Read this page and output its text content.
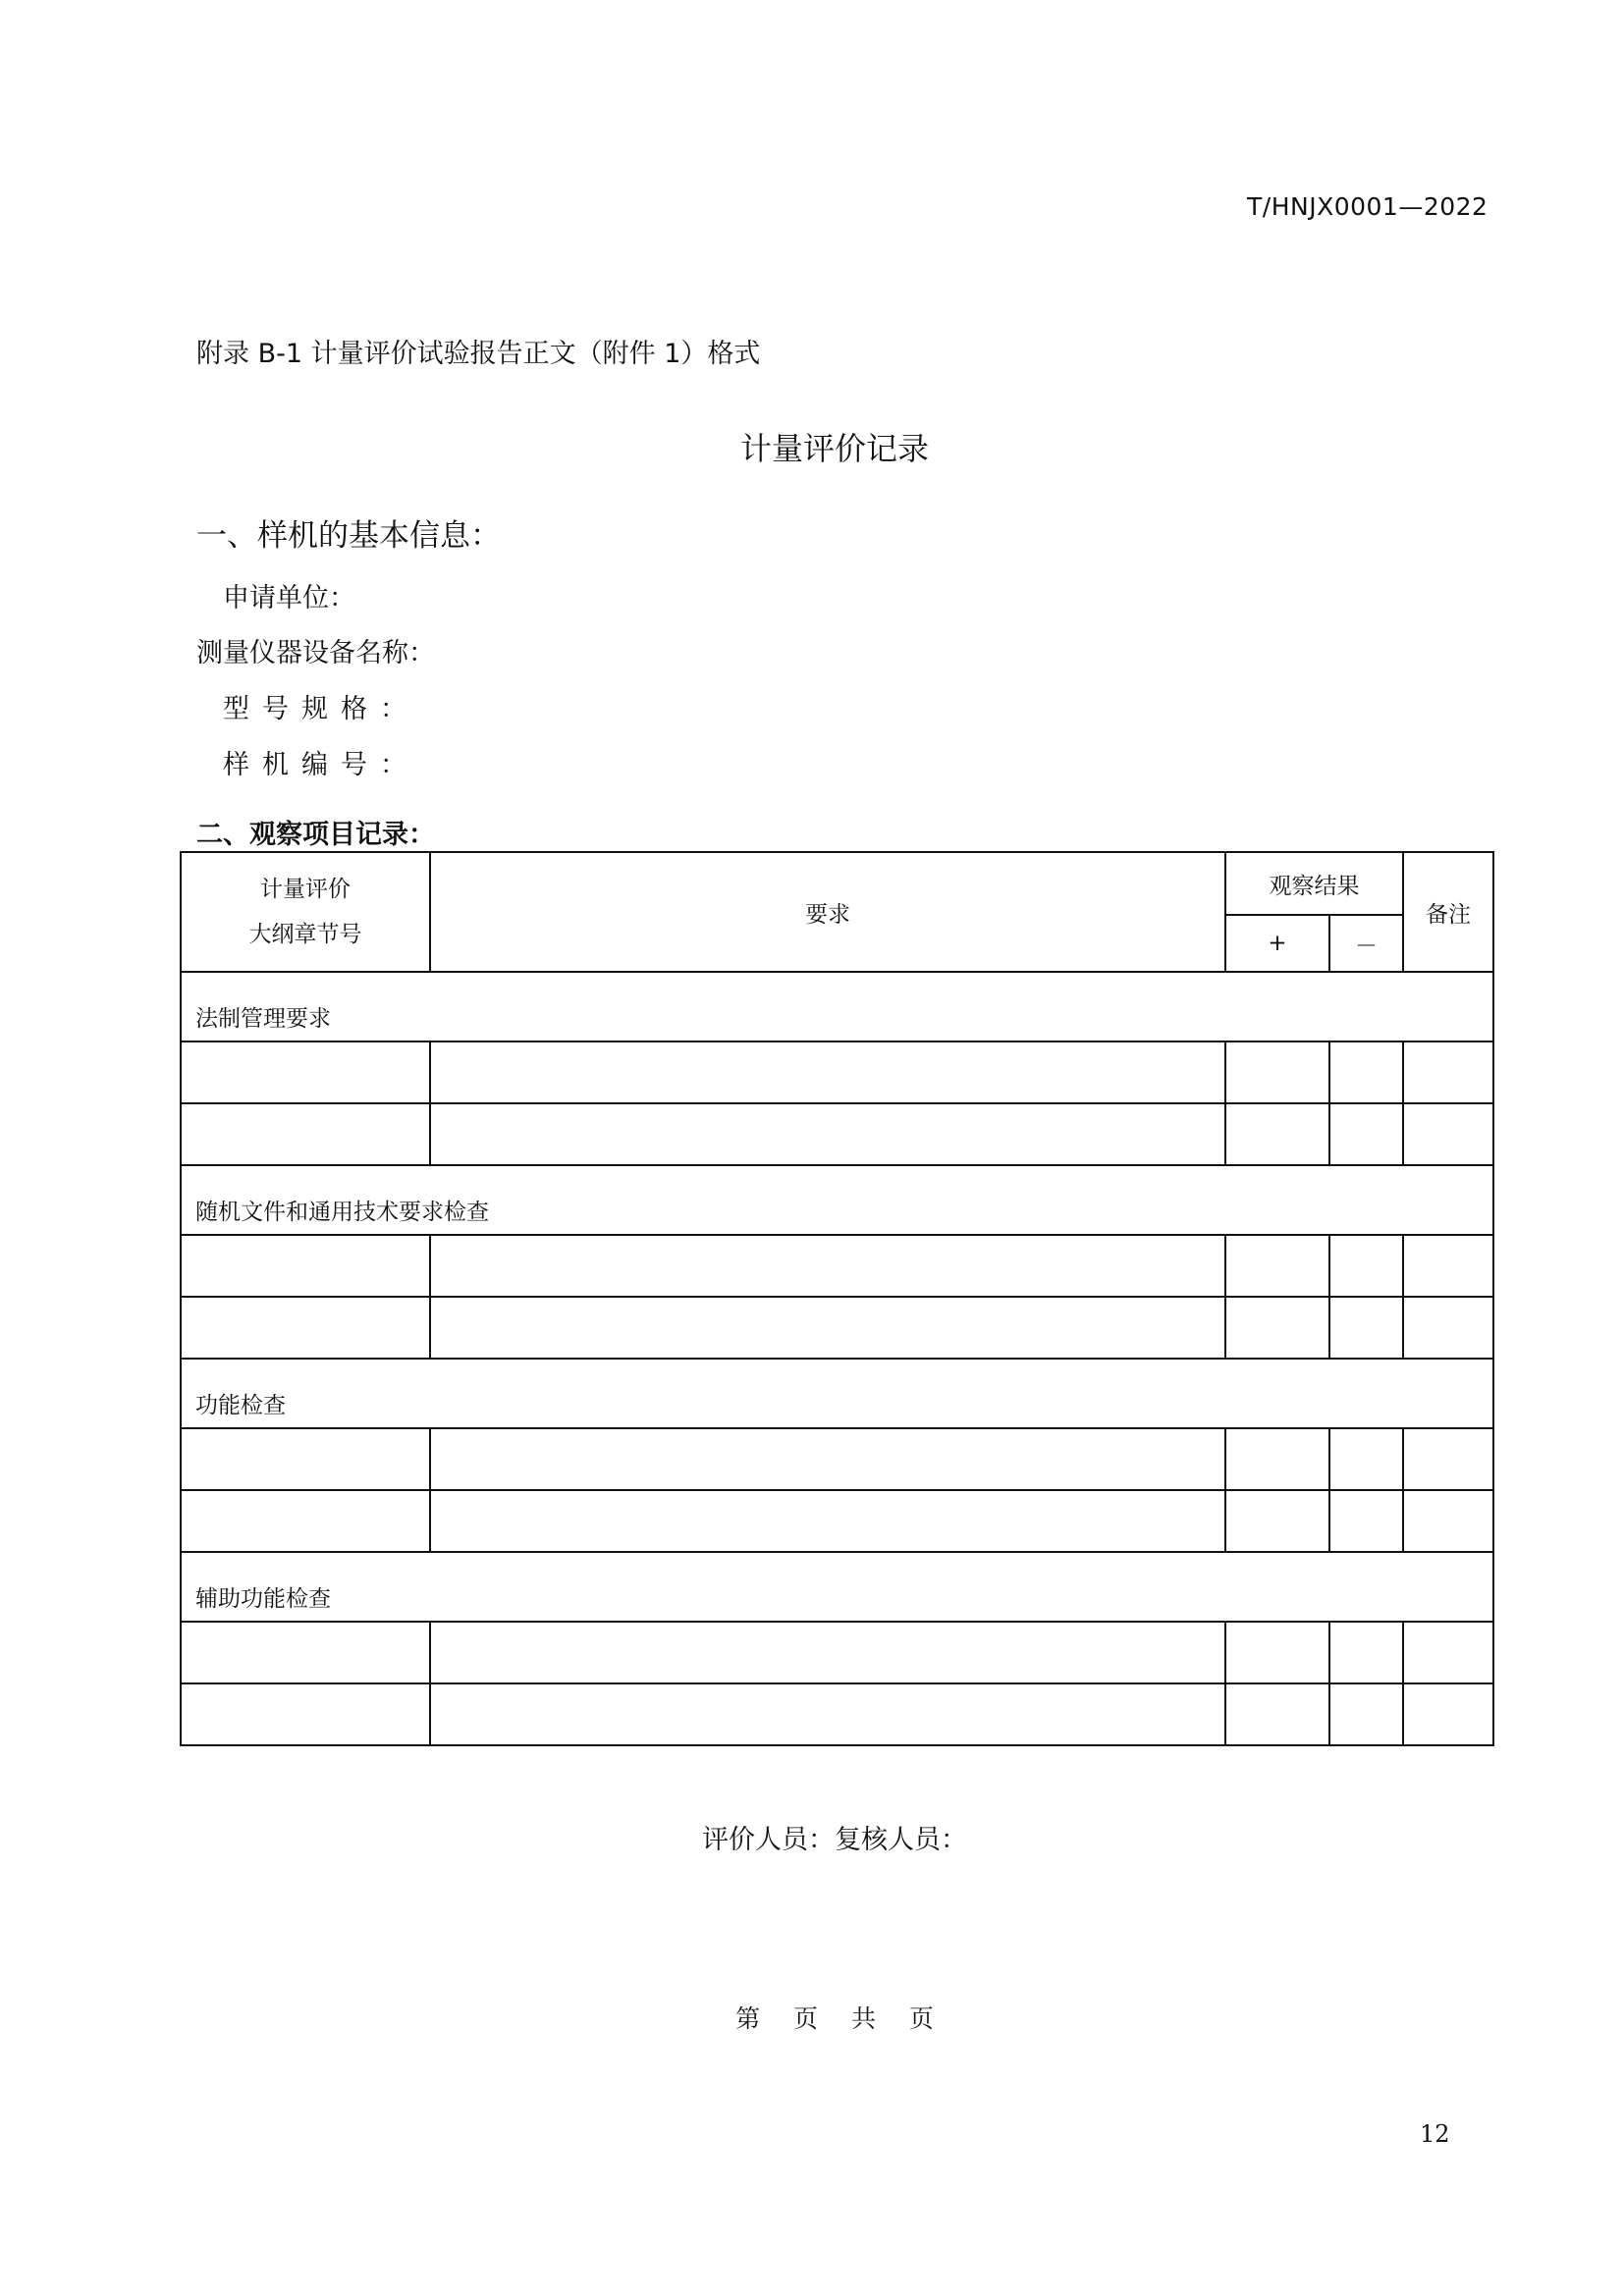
T/HNJX0001—2022
附录 B-1 计量评价试验报告正文（附件 1）格式
计量评价记录
一、样机的基本信息：
申请单位：
测量仪器设备名称：
型号规格：
样机编号：
二、观察项目记录：
计量评价
大纲章节号	要求	观察结果		备注
		+	－	
法制管理要求				

随机文件和通用技术要求检查				

功能检查				

辅助功能检查				

评价人员：复核人员：
第 页 共 页
12
